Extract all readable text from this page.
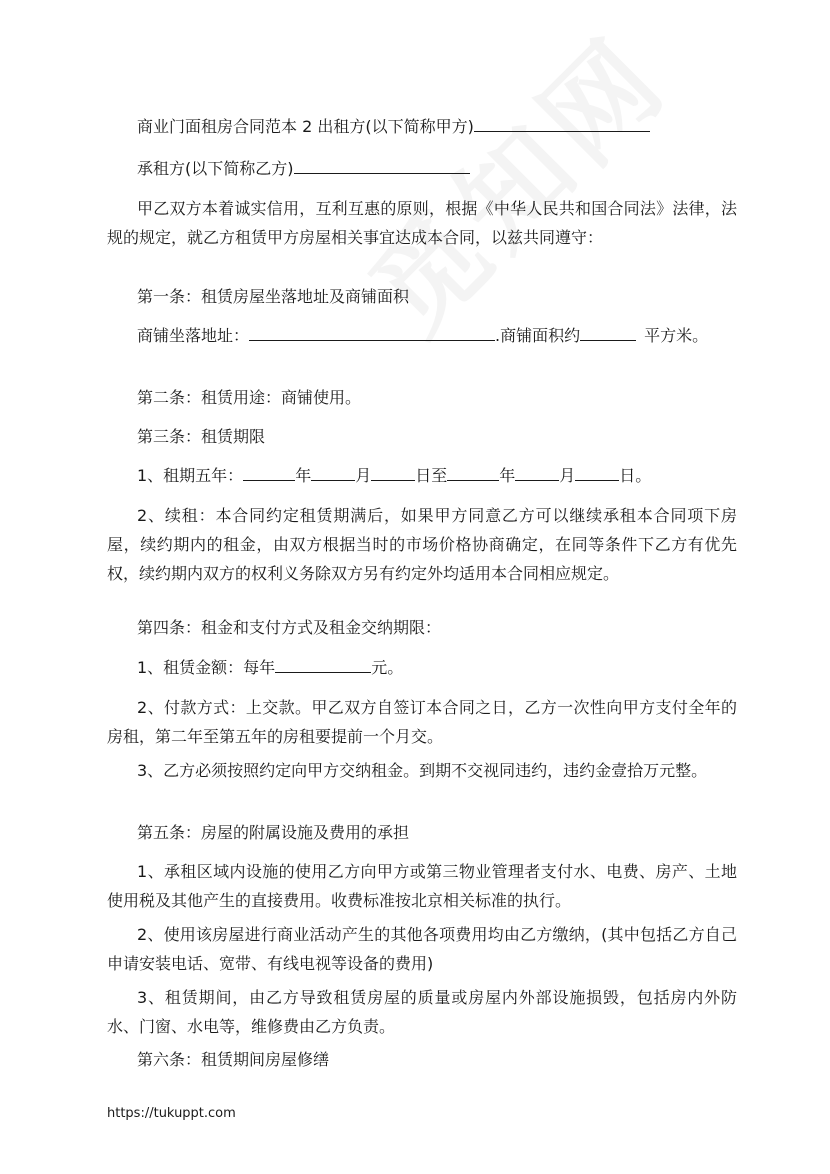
商业门面租房合同范本 2 出租方(以下简称甲方)

承租方(以下简称乙方)

甲乙双方本着诚实信用，互利互惠的原则，根据《中华人民共和国合同法》法律，法规的规定，就乙方租赁甲方房屋相关事宜达成本合同，以兹共同遵守：

第一条：租赁房屋坐落地址及商铺面积

商铺坐落地址：	.商铺面积约	平方米。

第二条：租赁用途：商铺使用。

第三条：租赁期限

1、租期五年：	年	月	日至	年	月	日。

2、续租：本合同约定租赁期满后，如果甲方同意乙方可以继续承租本合同项下房屋，续约期内的租金，由双方根据当时的市场价格协商确定，在同等条件下乙方有优先权，续约期内双方的权利义务除双方另有约定外均适用本合同相应规定。

第四条：租金和支付方式及租金交纳期限：

1、租赁金额：每年	元。

2、付款方式：上交款。甲乙双方自签订本合同之日，乙方一次性向甲方支付全年的房租，第二年至第五年的房租要提前一个月交。

3、乙方必须按照约定向甲方交纳租金。到期不交视同违约，违约金壹拾万元整。

第五条：房屋的附属设施及费用的承担

1、承租区域内设施的使用乙方向甲方或第三物业管理者支付水、电费、房产、土地使用税及其他产生的直接费用。收费标准按北京相关标准的执行。

2、使用该房屋进行商业活动产生的其他各项费用均由乙方缴纳，(其中包括乙方自己申请安装电话、宽带、有线电视等设备的费用)

3、租赁期间，由乙方导致租赁房屋的质量或房屋内外部设施损毁，包括房内外防水、门窗、水电等，维修费由乙方负责。

第六条：租赁期间房屋修缮

https://tukuppt.com
